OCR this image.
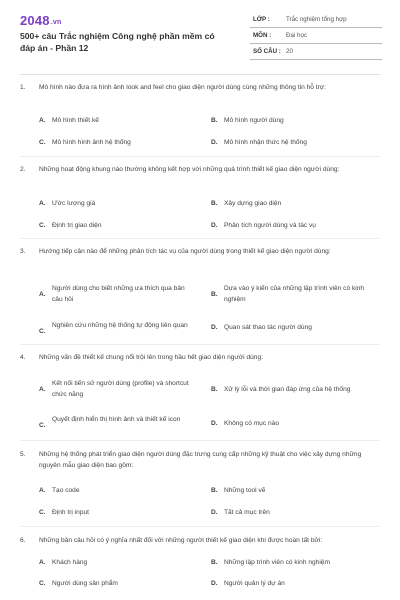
2048.vn
500+ câu Trắc nghiệm Công nghệ phần mềm có đáp án - Phần 12
LỚP :	Trắc nghiệm tổng hợp
MÔN : Đại học
SỐ CÂU : 20
1. Mô hình nào đưa ra hình ảnh look and feel cho giao diện người dùng cùng những thông tin hỗ trợ:
A. Mô hình thiết kế	B. Mô hình người dùng
C. Mô hình hình ảnh hệ thống	D. Mô hình nhận thức hệ thống
2. Những hoạt động khung nào thường không kết hợp với những quá trình thiết kế giao diện người dùng:
A. Ước lượng giá	B. Xây dựng giao diện
C. Định trị giao diện	D. Phân tích người dùng và tác vụ
3. Hướng tiếp cận nào để những phân tích tác vụ của người dùng trong thiết kế giao diện người dùng:
A.
Người dùng cho biết những ưa thích qua bản câu hỏi
B.
Dựa vào ý kiến của những lập trình viên có kinh nghiệm
C.
Nghiên cứu những hệ thống tự động liên quan	D. Quan sát thao tác người dùng
4. Những vấn đề thiết kế chung nổi trội lên trong hầu hết giao diện người dùng:
A.
Kết nối tiến sử người dùng (profile) và shortcut chức năng
B. Xử lý lỗi và thời gian đáp ứng của hệ thống
C.
Quyết định hiển thị hình ảnh và thiết kế icon
D. Không có mục nào
5. Những hệ thống phát triển giao diện người dùng đặc trưng cung cấp những kỹ thuật cho việc xây dựng những nguyên mẫu giao diện bao gồm:
A. Tạo code	B. Những tool vẽ
C. Định trị input	D. Tất cả mục trên
6. Những bản câu hỏi có ý nghĩa nhất đối với những người thiết kế giao diện khi được hoàn tất bởi:
A. Khách hàng	B. Những lập trình viên có kinh nghiệm
C. Người dùng sản phẩm	D. Người quản lý dự án
